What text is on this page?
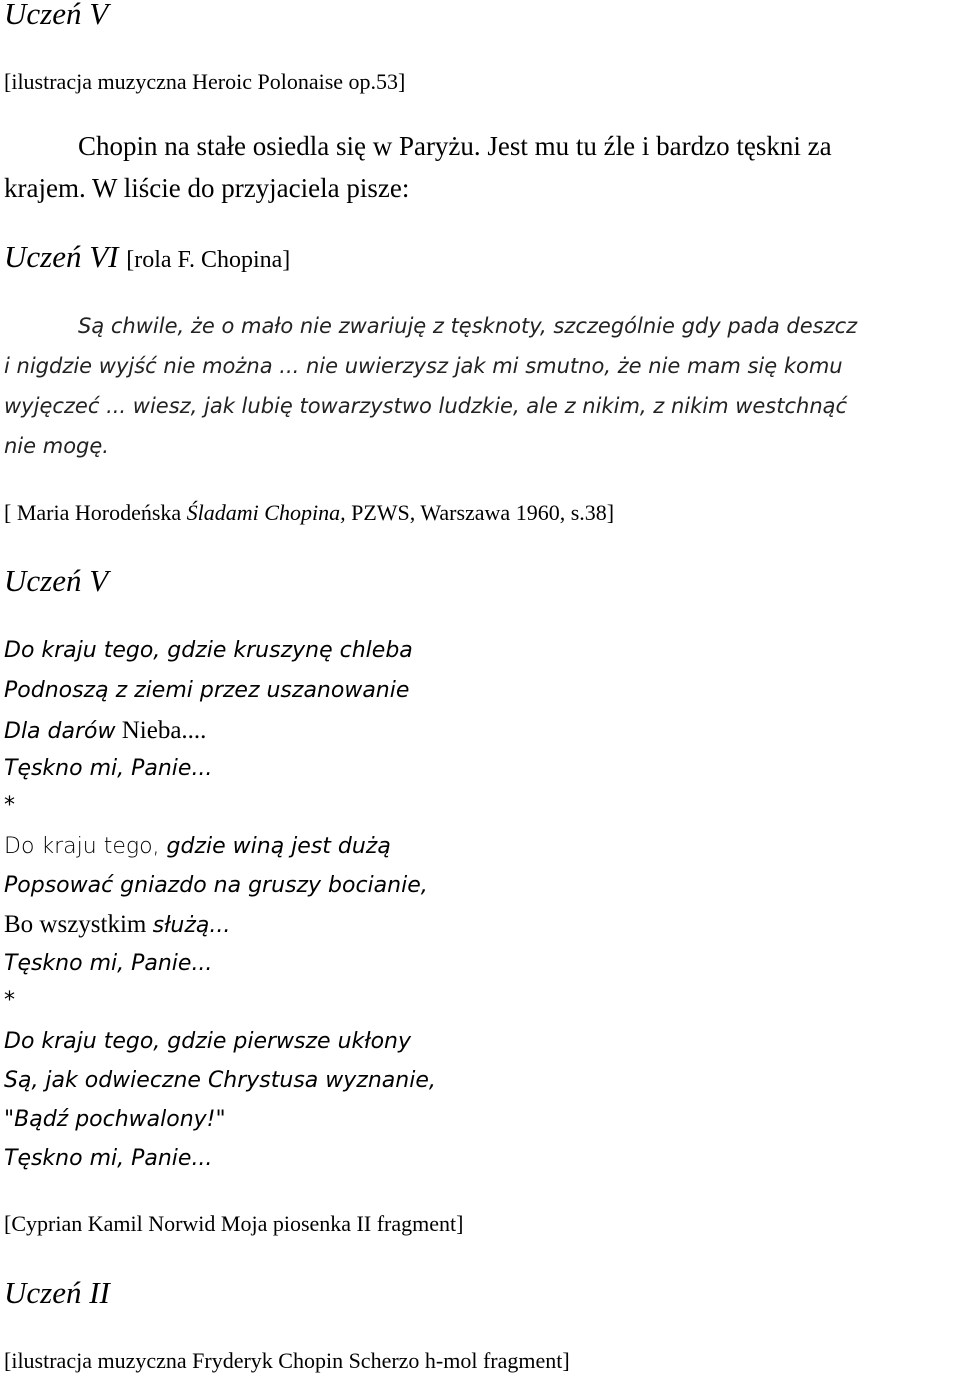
Uczeń V
[ilustracja muzyczna Heroic Polonaise op.53]
Chopin na stałe osiedla się w Paryżu. Jest mu tu źle i bardzo tęskni za
krajem. W liście do przyjaciela pisze:
Uczeń VI [rola F. Chopina]
Są chwile, że o mało nie zwariuję z tęsknoty, szczególnie gdy pada deszcz
i nigdzie wyjść nie można ... nie uwierzysz jak mi smutno, że nie mam się komu
wyjęczeć ... wiesz, jak lubię towarzystwo ludzkie, ale z nikim, z nikim westchnąć
nie mogę.
[ Maria Horodeńska Śladami Chopina, PZWS, Warszawa 1960, s.38]
Uczeń V
Do kraju tego, gdzie kruszynę chleba
Podnoszą z ziemi przez uszanowanie
Dla darów Nieba....
Tęskno mi, Panie...
*
Do kraju tego, gdzie winą jest dużą
Popsować gniazdo na gruszy bocianie,
Bo wszystkim służą...
Tęskno mi, Panie...
*
Do kraju tego, gdzie pierwsze ukłony
Są, jak odwieczne Chrystusa wyznanie,
"Bądź pochwalony!"
Tęskno mi, Panie...
[Cyprian Kamil Norwid Moja piosenka II fragment]
Uczeń II
[ilustracja muzyczna Fryderyk Chopin Scherzo h-mol fragment]
